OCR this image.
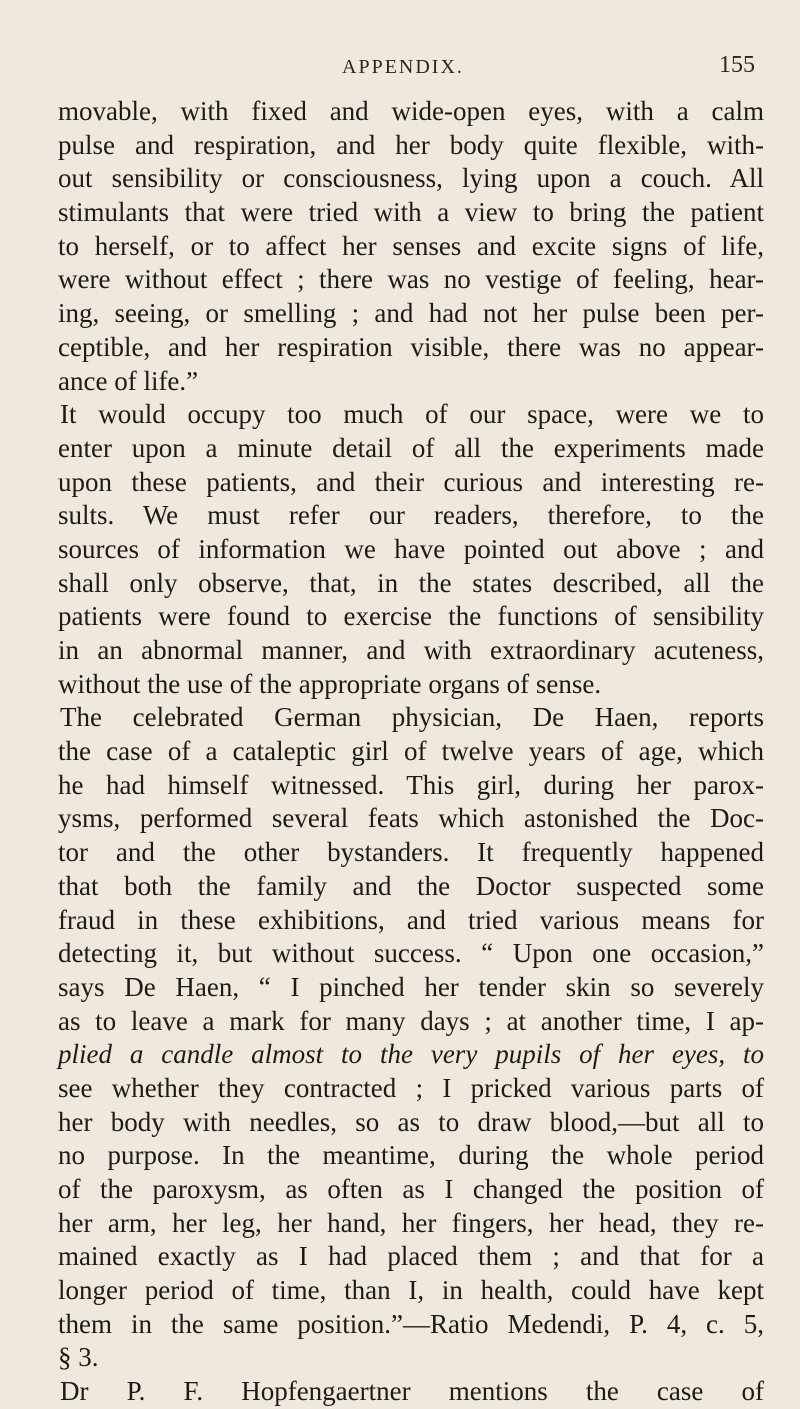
APPENDIX.	155
movable, with fixed and wide-open eyes, with a calm
pulse and respiration, and her body quite flexible, with-
out sensibility or consciousness, lying upon a couch. All
stimulants that were tried with a view to bring the patient
to herself, or to affect her senses and excite signs of life,
were without effect ; there was no vestige of feeling, hear-
ing, seeing, or smelling ; and had not her pulse been per-
ceptible, and her respiration visible, there was no appear-
ance of life.”
It would occupy too much of our space, were we to
enter upon a minute detail of all the experiments made
upon these patients, and their curious and interesting re-
sults. We must refer our readers, therefore, to the
sources of information we have pointed out above ; and
shall only observe, that, in the states described, all the
patients were found to exercise the functions of sensibility
in an abnormal manner, and with extraordinary acuteness,
without the use of the appropriate organs of sense.
The celebrated German physician, De Haen, reports
the case of a cataleptic girl of twelve years of age, which
he had himself witnessed. This girl, during her parox-
ysms, performed several feats which astonished the Doc-
tor and the other bystanders. It frequently happened
that both the family and the Doctor suspected some
fraud in these exhibitions, and tried various means for
detecting it, but without success. “ Upon one occasion,”
says De Haen, “ I pinched her tender skin so severely
as to leave a mark for many days ; at another time, I ap-
plied a candle almost to the very pupils of her eyes, to
see whether they contracted ; I pricked various parts of
her body with needles, so as to draw blood,—but all to
no purpose. In the meantime, during the whole period
of the paroxysm, as often as I changed the position of
her arm, her leg, her hand, her fingers, her head, they re-
mained exactly as I had placed them ; and that for a
longer period of time, than I, in health, could have kept
them in the same position.”—Ratio Medendi, P. 4, c. 5,
§ 3.
Dr P. F. Hopfengaertner mentions the case of
